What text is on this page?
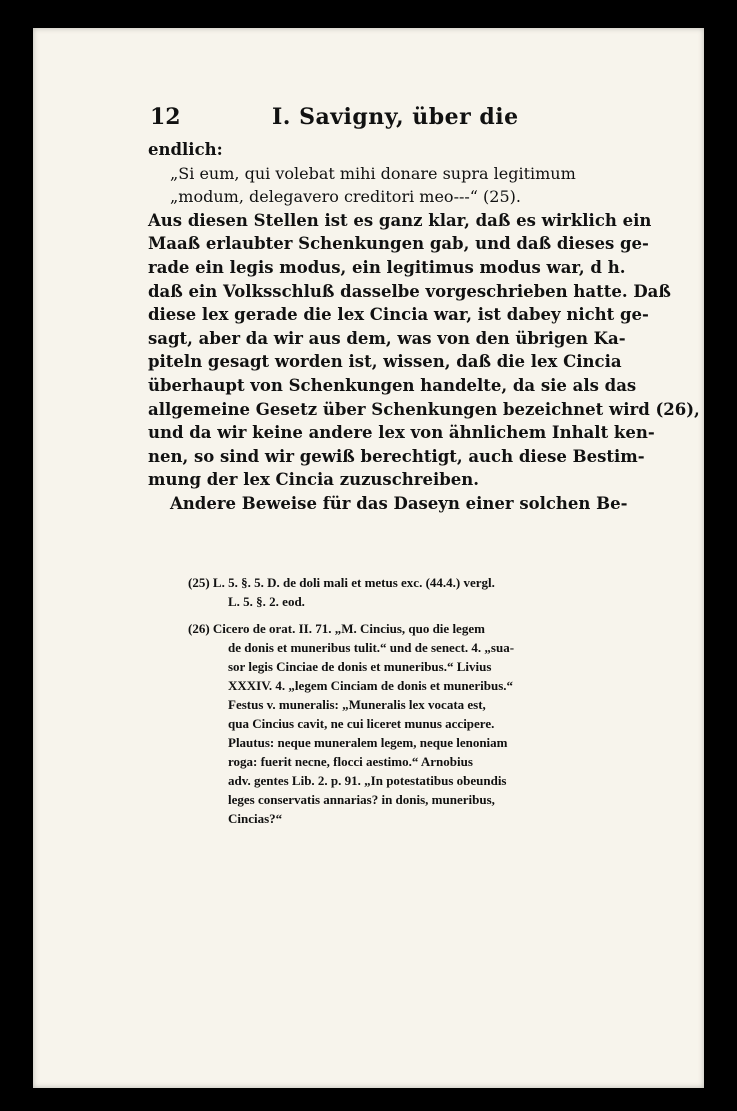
12	I. Savigny, über die
endlich:
„Si eum, qui volebat mihi donare supra legitimum
„modum, delegavero creditori meo---“ (25).
Aus diesen Stellen ist es ganz klar, daß es wirklich ein
Maaß erlaubter Schenkungen gab, und daß dieses ge-
rade ein legis modus, ein legitimus modus war, d h.
daß ein Volksschluß dasselbe vorgeschrieben hatte. Daß
diese lex gerade die lex Cincia war, ist dabey nicht ge-
sagt, aber da wir aus dem, was von den übrigen Ka-
piteln gesagt worden ist, wissen, daß die lex Cincia
überhaupt von Schenkungen handelte, da sie als das
allgemeine Gesetz über Schenkungen bezeichnet wird (26),
und da wir keine andere lex von ähnlichem Inhalt ken-
nen, so sind wir gewiß berechtigt, auch diese Bestim-
mung der lex Cincia zuzuschreiben.
Andere Beweise für das Daseyn einer solchen Be-
(25) L. 5. §. 5. D. de doli mali et metus exc. (44.4.) vergl.
L. 5. §. 2. eod.
(26) Cicero de orat. II. 71. „M. Cincius, quo die legem
de donis et muneribus tulit.“ und de senect. 4. „sua-
sor legis Cinciae de donis et muneribus.“ Livius
XXXIV. 4. „legem Cinciam de donis et muneribus.“
Festus v. muneralis: „Muneralis lex vocata est,
qua Cincius cavit, ne cui liceret munus accipere.
Plautus: neque muneralem legem, neque lenoniam
roga: fuerit necne, flocci aestimo.“ Arnobius
adv. gentes Lib. 2. p. 91. „In potestatibus obeundis
leges conservatis annarias? in donis, muneribus,
Cincias?“
